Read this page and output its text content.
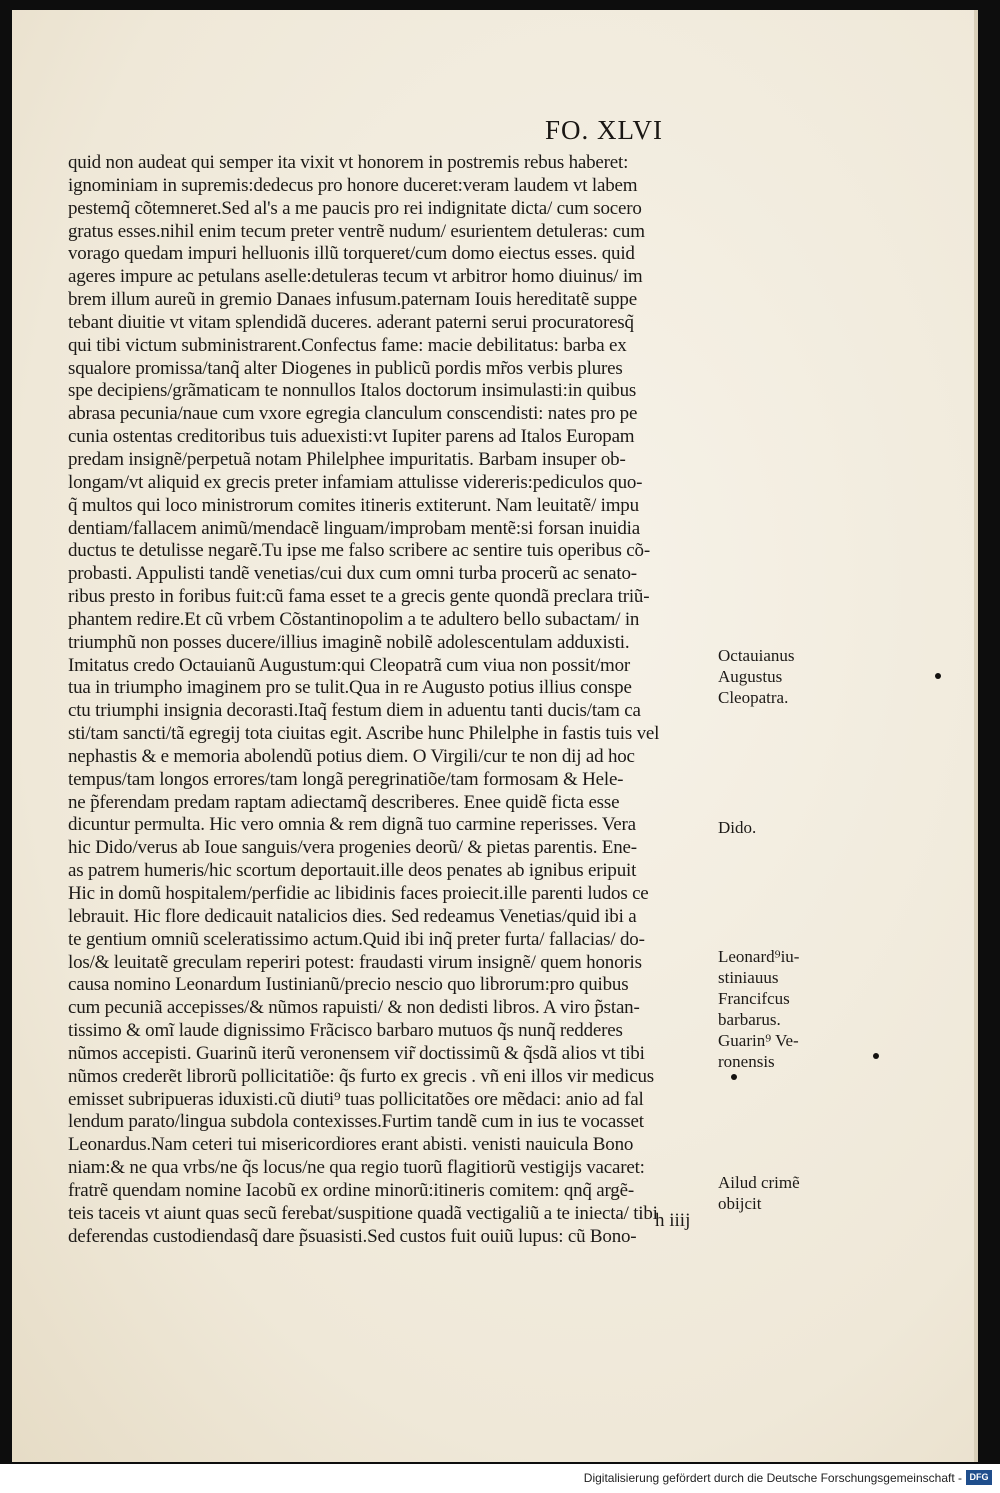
FO. XLVI
quid non audeat qui semper ita vixit vt honorem in postremis rebus haberet:
ignominiam in supremis:dedecus pro honore duceret:veram laudem vt labem
pestemq̃ cõtemneret.Sed al's a me paucis pro rei indignitate dicta/ cum socero
gratus esses.nihil enim tecum preter ventrẽ nudum/ esurientem detuleras: cum
vorago quedam impuri helluonis illũ torqueret/cum domo eiectus esses. quid
ageres impure ac petulans aselle:detuleras tecum vt arbitror homo diuinus/ im
brem illum aureũ in gremio Danaes infusum.paternam Iouis hereditatẽ suppe
tebant diuitie vt vitam splendidã duceres. aderant paterni serui procuratoresq̃
qui tibi victum subministrarent.Confectus fame: macie debilitatus: barba ex
squalore promissa/tanq̃ alter Diogenes in publicũ pordis mr̃os verbis plures
spe decipiens/grãmaticam te nonnullos Italos doctorum insimulasti:in quibus
abrasa pecunia/naue cum vxore egregia clanculum conscendisti: nates pro pe
cunia ostentas creditoribus tuis aduexisti:vt Iupiter parens ad Italos Europam
predam insignẽ/perpetuã notam Philelphee impuritatis. Barbam insuper ob-
longam/vt aliquid ex grecis preter infamiam attulisse videreris:pediculos quo-
q̃ multos qui loco ministrorum comites itineris extiterunt. Nam leuitatẽ/ impu
dentiam/fallacem animũ/mendacẽ linguam/improbam mentẽ:si forsan inuidia
ductus te detulisse negarẽ.Tu ipse me falso scribere ac sentire tuis operibus cõ-
probasti. Appulisti tandẽ venetias/cui dux cum omni turba procerũ ac senato-
ribus presto in foribus fuit:cũ fama esset te a grecis gente quondã preclara triũ-
phantem redire.Et cũ vrbem Cõstantinopolim a te adultero bello subactam/ in
triumphũ non posses ducere/illius imaginẽ nobilẽ adolescentulam adduxisti.
Imitatus credo Octauianũ Augustum:qui Cleopatrã cum viua non possit/mor
tua in triumpho imaginem pro se tulit.Qua in re Augusto potius illius conspe
ctu triumphi insignia decorasti.Itaq̃ festum diem in aduentu tanti ducis/tam ca
sti/tam sancti/tã egregij tota ciuitas egit. Ascribe hunc Philelphe in fastis tuis vel
nephastis & e memoria abolendũ potius diem. O Virgili/cur te non dij ad hoc
tempus/tam longos errores/tam longã peregrinatiõe/tam formosam & Hele-
ne p̃ferendam predam raptam adiectamq̃ describeres. Enee quidẽ ficta esse
dicuntur permulta. Hic vero omnia & rem dignã tuo carmine reperisses. Vera
hic Dido/verus ab Ioue sanguis/vera progenies deorũ/ & pietas parentis. Ene-
as patrem humeris/hic scortum deportauit.ille deos penates ab ignibus eripuit
Hic in domũ hospitalem/perfidie ac libidinis faces proiecit.ille parenti ludos ce
lebrauit. Hic flore dedicauit natalicios dies. Sed redeamus Venetias/quid ibi a
te gentium omniũ sceleratissimo actum.Quid ibi inq̃ preter furta/ fallacias/ do-
los/& leuitatẽ greculam reperiri potest: fraudasti virum insignẽ/ quem honoris
causa nomino Leonardum Iustinianũ/precio nescio quo librorum:pro quibus
cum pecuniã accepisses/& nũmos rapuisti/ & non dedisti libros. A viro p̃stan-
tissimo & omĩ laude dignissimo Frãcisco barbaro mutuos q̃s nunq̃ redderes
nũmos accepisti. Guarinũ iterũ veronensem vir̃ doctissimũ & q̃sdã alios vt tibi
nũmos crederẽt librorũ pollicitatiõe: q̃s furto ex grecis . vñ eni illos vir medicus
emisset subripueras iduxisti.cũ diuti⁹ tuas pollicitatões ore mẽdaci: anio ad fal
lendum parato/lingua subdola contexisses.Furtim tandẽ cum in ius te vocasset
Leonardus.Nam ceteri tui misericordiores erant abisti. venisti nauicula Bono
niam:& ne qua vrbs/ne q̃s locus/ne qua regio tuorũ flagitiorũ vestigijs vacaret:
fratrẽ quendam nomine Iacobũ ex ordine minorũ:itineris comitem: qnq̃ argẽ-
teis taceis vt aiunt quas secũ ferebat/suspitione quadã vectigaliũ a te iniecta/ tibi
deferendas custodiendasq̃ dare p̃suasisti.Sed custos fuit ouiũ lupus: cũ Bono-
h iiij
Octauianus
Augustus
Cleopatra.
Dido.
Leonard⁹iu-
stiniauus
Francifcus
barbarus.
Guarin⁹ Ve-
ronensis
Ailud crimẽ
obijcit
Digitalisierung gefördert durch die Deutsche Forschungsgemeinschaft - DFG
